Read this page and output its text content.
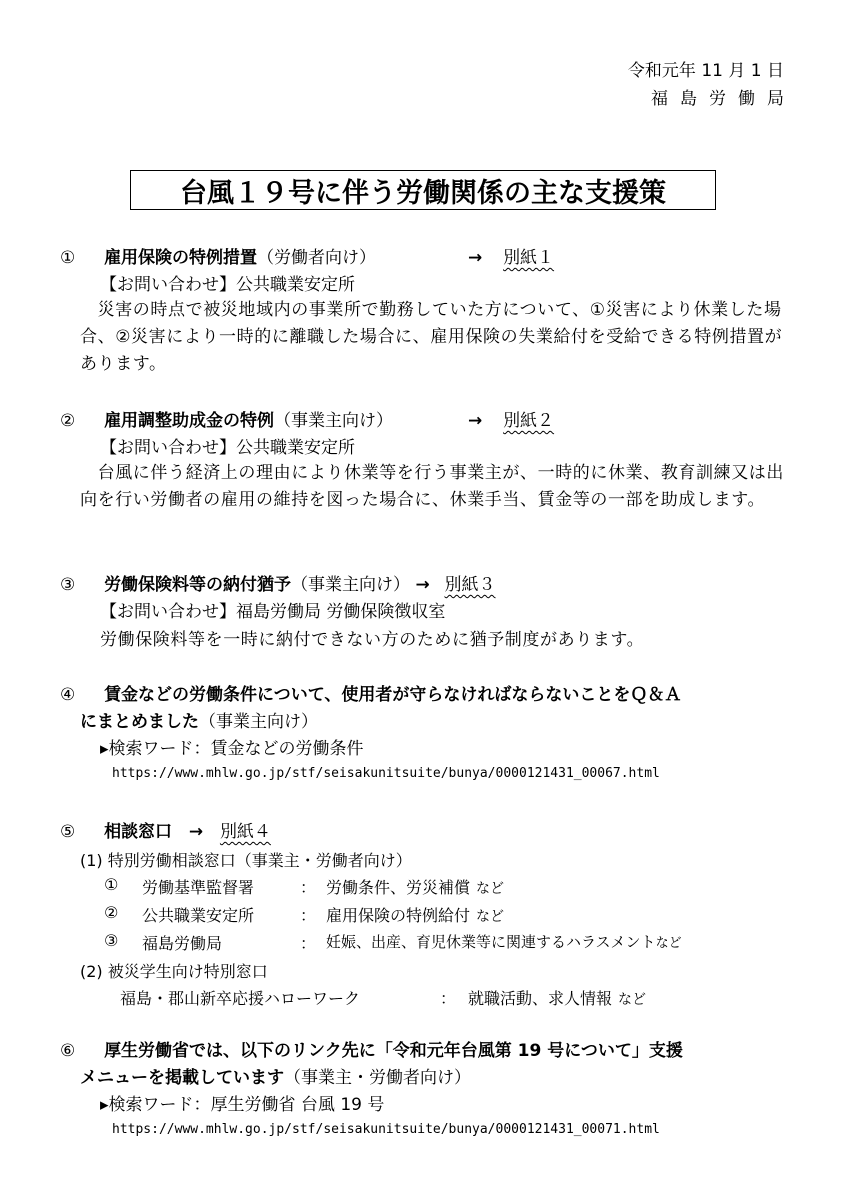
令和元年 11 月 1 日
福島労働局
台風１９号に伴う労働関係の主な支援策
① 雇用保険の特例措置（労働者向け）	→ 別紙１
【お問い合わせ】公共職業安定所
　災害の時点で被災地域内の事業所で勤務していた方について、①災害により休業した場合、②災害により一時的に離職した場合に、雇用保険の失業給付を受給できる特例措置があります。
② 雇用調整助成金の特例（事業主向け）	→ 別紙２
【お問い合わせ】公共職業安定所
　台風に伴う経済上の理由により休業等を行う事業主が、一時的に休業、教育訓練又は出向を行い労働者の雇用の維持を図った場合に、休業手当、賃金等の一部を助成します。
③ 労働保険料等の納付猶予（事業主向け） → 別紙３
【お問い合わせ】福島労働局 労働保険徴収室
労働保険料等を一時に納付できない方のために猶予制度があります。
④ 賃金などの労働条件について、使用者が守らなければならないことをＱ＆Ａ
にまとめました（事業主向け）
▸検索ワード：賃金などの労働条件
https://www.mhlw.go.jp/stf/seisakunitsuite/bunya/0000121431_00067.html
⑤ 相談窓口 → 別紙４
(1) 特別労働相談窓口（事業主・労働者向け）
① 労働基準監督署	： 労働条件、労災補償 など
② 公共職業安定所	： 雇用保険の特例給付 など
③ 福島労働局	： 妊娠、出産、育児休業等に関連するハラスメントなど
(2) 被災学生向け特別窓口
福島・郡山新卒応援ハローワーク	： 就職活動、求人情報 など
⑥ 厚生労働省では、以下のリンク先に「令和元年台風第 19 号について」支援
メニューを掲載しています（事業主・労働者向け）
▸検索ワード：厚生労働省 台風 19 号
https://www.mhlw.go.jp/stf/seisakunitsuite/bunya/0000121431_00071.html
